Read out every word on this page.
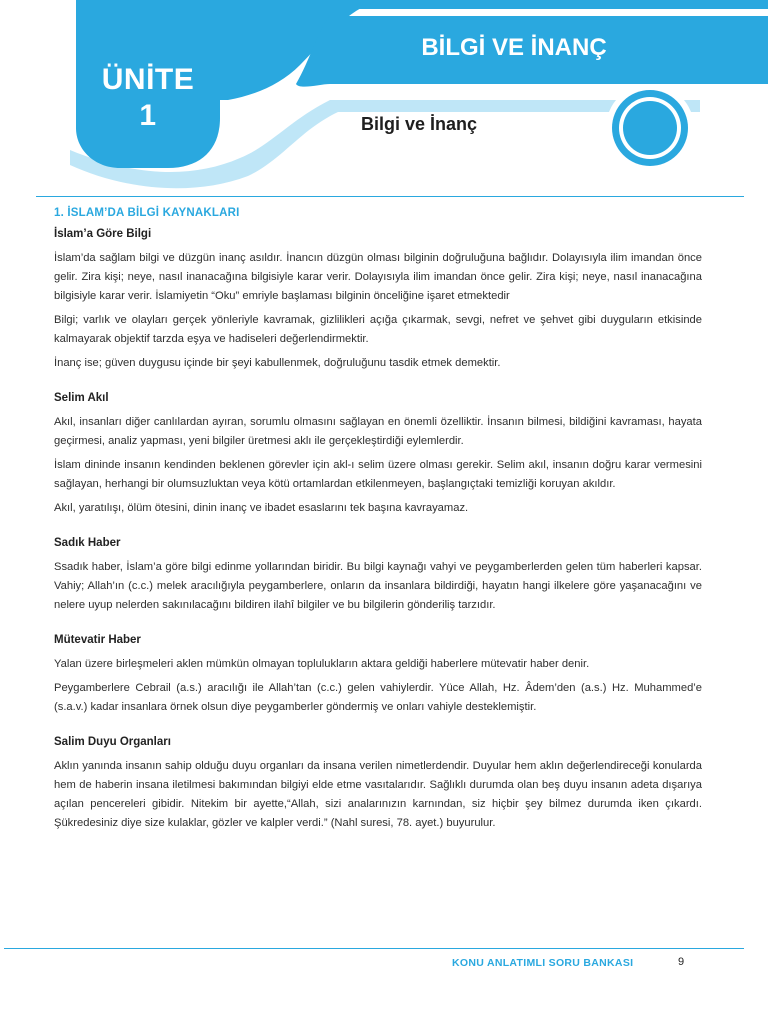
ÜNİTE
1
BİLGİ VE İNANÇ
Bilgi ve İnanç
1. İSLAM’DA BİLGİ KAYNAKLARI
İslam’a Göre Bilgi

İslam’da sağlam bilgi ve düzgün inanç asıldır. İnancın düzgün olması bilginin doğruluğuna bağlıdır. Dolayısıyla ilim imandan önce gelir. Zira kişi; neye, nasıl inanacağına bilgisiyle karar verir. Dolayısıyla ilim imandan önce gelir. Zira kişi; neye, nasıl inanacağına bilgisiyle karar verir. İslamiyetin “Oku” emriyle başlaması bilginin önceliğine işaret etmektedir

Bilgi; varlık ve olayları gerçek yönleriyle kavramak, gizlilikleri açığa çıkarmak, sevgi, nefret ve şehvet gibi duyguların etkisinde kalmayarak objektif tarzda eşya ve hadiseleri değerlendirmektir.

İnanç ise; güven duygusu içinde bir şeyi kabullenmek, doğruluğunu tasdik etmek demektir.

Selim Akıl

Akıl, insanları diğer canlılardan ayıran, sorumlu olmasını sağlayan en önemli özelliktir. İnsanın bilmesi, bildiğini kavraması, hayata geçirmesi, analiz yapması, yeni bilgiler üretmesi aklı ile gerçekleştirdiği eylemlerdir.

İslam dininde insanın kendinden beklenen görevler için akl-ı selim üzere olması gerekir. Selim akıl, insanın doğru karar vermesini sağlayan, herhangi bir olumsuzluktan veya kötü ortamlardan etkilenmeyen, başlangıçtaki temizliği koruyan akıldır.

Akıl, yaratılışı, ölüm ötesini, dinin inanç ve ibadet esaslarını tek başına kavrayamaz.

Sadık Haber

Ssadık haber, İslam’a göre bilgi edinme yollarından biridir. Bu bilgi kaynağı vahyi ve peygamberlerden gelen tüm haberleri kapsar. Vahiy; Allah’ın (c.c.) melek aracılığıyla peygamberlere, onların da insanlara bildirdiği, hayatın hangi ilkelere göre yaşanacağını ve nelere uyup nelerden sakınılacağını bildiren ilahî bilgiler ve bu bilgilerin gönderiliş tarzıdır.

Mütevatir Haber

Yalan üzere birleşmeleri aklen mümkün olmayan toplulukların aktara geldiği haberlere mütevatir haber denir.

Peygamberlere Cebrail (a.s.) aracılığı ile Allah’tan (c.c.) gelen vahiylerdir. Yüce Allah, Hz. Âdem’den (a.s.) Hz. Muhammed’e (s.a.v.) kadar insanlara örnek olsun diye peygamberler göndermiş ve onları vahiyle desteklemiştir.

Salim Duyu Organları

Aklın yanında insanın sahip olduğu duyu organları da insana verilen nimetlerdendir. Duyular hem aklın değerlendireceği konularda hem de haberin insana iletilmesi bakımından bilgiyi elde etme vasıtalarıdır. Sağlıklı durumda olan beş duyu insanın adeta dışarıya açılan pencereleri gibidir. Nitekim bir ayette,“Allah, sizi analarınızın karnından, siz hiçbir şey bilmez durumda iken çıkardı. Şükredesiniz diye size kulaklar, gözler ve kalpler verdi.” (Nahl suresi, 78. ayet.) buyurulur.

KONU ANLATIMLI SORU BANKASI	9
